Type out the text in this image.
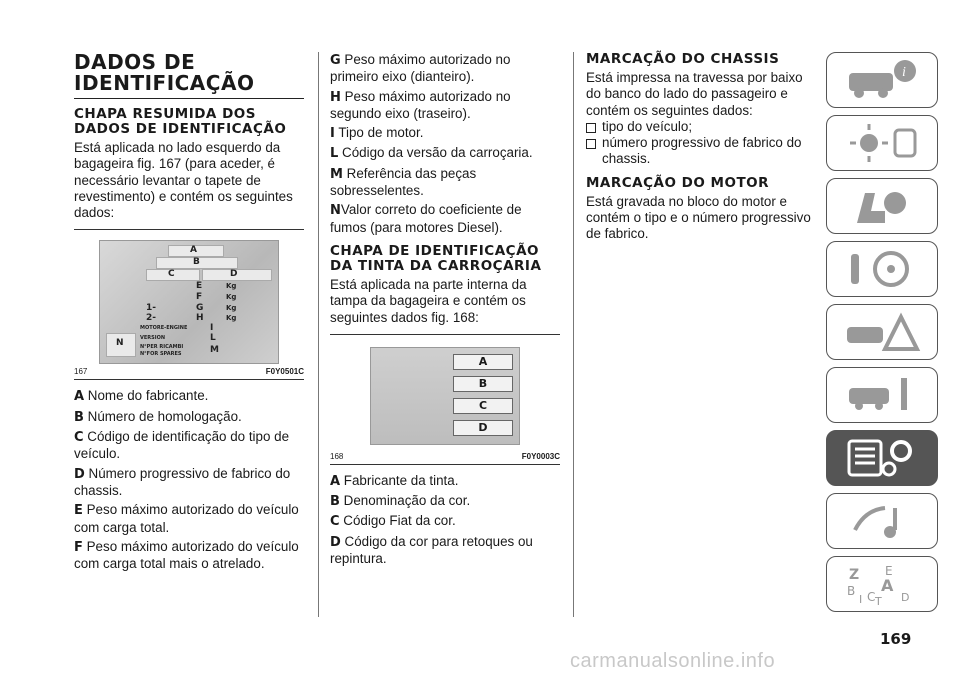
DADOS DE IDENTIFICAÇÃO
CHAPA RESUMIDA DOS DADOS DE IDENTIFICAÇÃO

Está aplicada no lado esquerdo da bagageira fig. 167 (para aceder, é necessário levantar o tapete de revestimento) e contém os seguintes dados:

A
B
C	D
E	Kg
F	Kg
1-	G	Kg
2-	H	Kg
MOTORE-ENGINE	I
VERSION	L
N	N°PER RICAMBI
N°FOR SPARES	M
167	F0Y0501C
A Nome do fabricante.
B Número de homologação.
C Código de identificação do tipo de veículo.
D Número progressivo de fabrico do chassis.
E Peso máximo autorizado do veículo com carga total.
F Peso máximo autorizado do veículo com carga total mais o atrelado.
G Peso máximo autorizado no primeiro eixo (dianteiro).
H Peso máximo autorizado no segundo eixo (traseiro).
I Tipo de motor.
L Código da versão da carroçaria.
M Referência das peças sobresselentes.
NValor correto do coeficiente de fumos (para motores Diesel).
CHAPA DE IDENTIFICAÇÃO DA TINTA DA CARROÇARIA

Está aplicada na parte interna da tampa da bagageira e contém os seguintes dados fig. 168:

A
B
C
D
168	F0Y0003C
A Fabricante da tinta.
B Denominação da cor.
C Código Fiat da cor.
D Código da cor para retoques ou repintura.
MARCAÇÃO DO CHASSIS

Está impressa na travessa por baixo do banco do lado do passageiro e contém os seguintes dados:

tipo do veículo;
número progressivo de fabrico do chassis.
MARCAÇÃO DO MOTOR

Está gravada no bloco do motor e contém o tipo e o número progressivo de fabrico.

i
Z E
B A
I C T D
169
carmanualsonline.info
